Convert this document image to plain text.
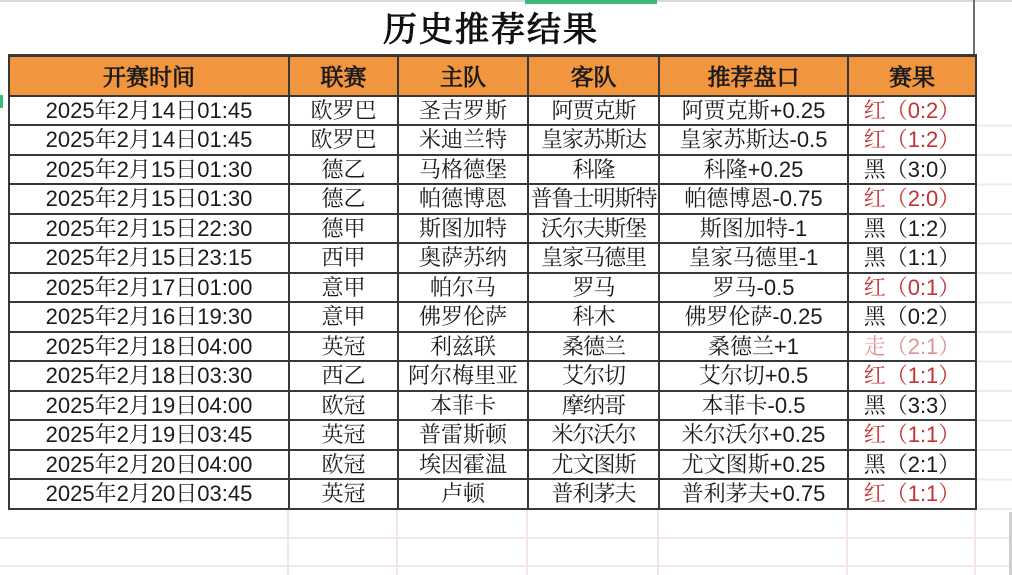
历史推荐结果
开赛时间	联赛	主队	客队	推荐盘口	赛果
2025年2月14日01:45	欧罗巴	圣吉罗斯	阿贾克斯	阿贾克斯+0.25	红（0:2）
2025年2月14日01:45	欧罗巴	米迪兰特	皇家苏斯达	皇家苏斯达-0.5	红（1:2）
2025年2月15日01:30	德乙	马格德堡	科隆	科隆+0.25	黑（3:0）
2025年2月15日01:30	德乙	帕德博恩	普鲁士明斯特	帕德博恩-0.75	红（2:0）
2025年2月15日22:30	德甲	斯图加特	沃尔夫斯堡	斯图加特-1	黑（1:2）
2025年2月15日23:15	西甲	奥萨苏纳	皇家马德里	皇家马德里-1	黑（1:1）
2025年2月17日01:00	意甲	帕尔马	罗马	罗马-0.5	红（0:1）
2025年2月16日19:30	意甲	佛罗伦萨	科木	佛罗伦萨-0.25	黑（0:2）
2025年2月18日04:00	英冠	利兹联	桑德兰	桑德兰+1	走（2:1）
2025年2月18日03:30	西乙	阿尔梅里亚	艾尔切	艾尔切+0.5	红（1:1）
2025年2月19日04:00	欧冠	本菲卡	摩纳哥	本菲卡-0.5	黑（3:3）
2025年2月19日03:45	英冠	普雷斯顿	米尔沃尔	米尔沃尔+0.25	红（1:1）
2025年2月20日04:00	欧冠	埃因霍温	尤文图斯	尤文图斯+0.25	黑（2:1）
2025年2月20日03:45	英冠	卢顿	普利茅夫	普利茅夫+0.75	红（1:1）
